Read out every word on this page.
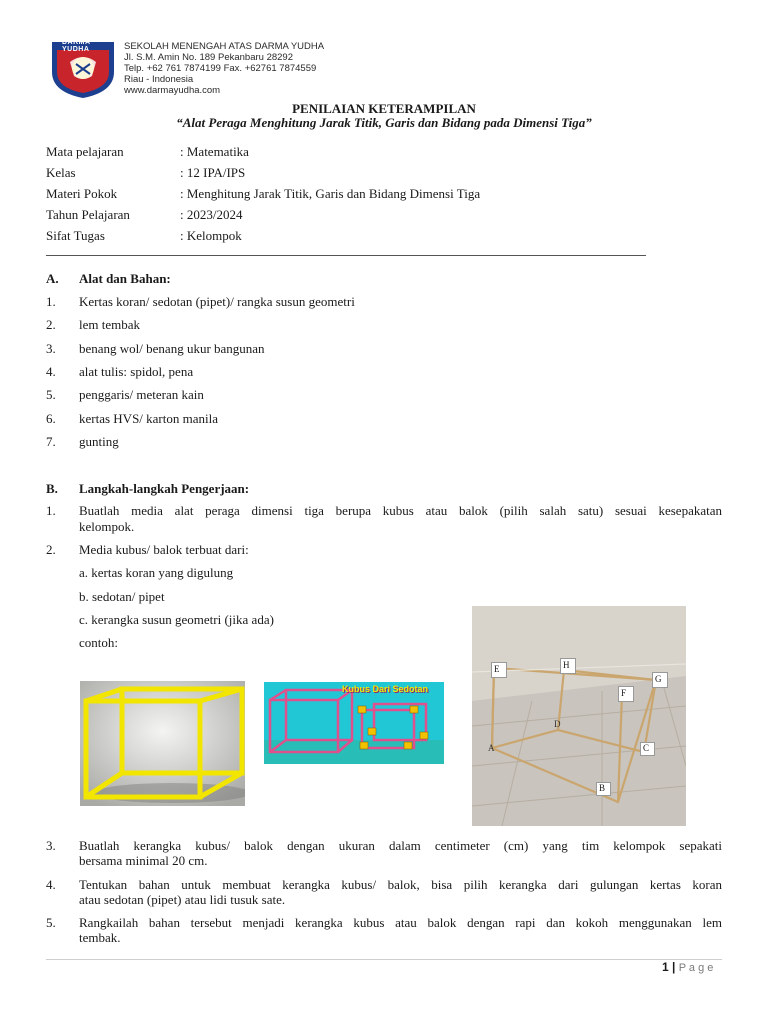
DARMA YUDHA	SEKOLAH MENENGAH ATAS DARMA YUDHA
Jl. S.M. Amin No. 189 Pekanbaru 28292
Telp. +62 761 7874199 Fax. +62761 7874559
Riau - Indonesia
www.darmayudha.com
PENILAIAN KETERAMPILAN
“Alat Peraga Menghitung Jarak Titik, Garis dan Bidang pada Dimensi Tiga”
Mata pelajaran	: Matematika
Kelas	: 12 IPA/IPS
Materi Pokok	: Menghitung Jarak Titik, Garis dan Bidang Dimensi Tiga
Tahun Pelajaran	: 2023/2024
Sifat Tugas	: Kelompok
A. Alat dan Bahan:
1. Kertas koran/ sedotan (pipet)/ rangka susun geometri
2. lem tembak
3. benang wol/ benang ukur bangunan
4. alat tulis: spidol, pena
5. penggaris/ meteran kain
6. kertas HVS/ karton manila
7. gunting
B. Langkah-langkah Pengerjaan:
1. Buatlah media alat peraga dimensi tiga berupa kubus atau balok (pilih salah satu) sesuai kesepakatan
kelompok.
2. Media kubus/ balok terbuat dari:
a. kertas koran yang digulung
b. sedotan/ pipet
c. kerangka susun geometri (jika ada)
contoh:
Kubus Dari Sedotan
E	H
G
F
A
D
C
B
3. Buatlah kerangka kubus/ balok dengan ukuran dalam centimeter (cm) yang tim kelompok sepakati
bersama minimal 20 cm.
4. Tentukan bahan untuk membuat kerangka kubus/ balok, bisa pilih kerangka dari gulungan kertas koran
atau sedotan (pipet) atau lidi tusuk sate.
5. Rangkailah bahan tersebut menjadi kerangka kubus atau balok dengan rapi dan kokoh menggunakan lem
tembak.
1 | P a g e
